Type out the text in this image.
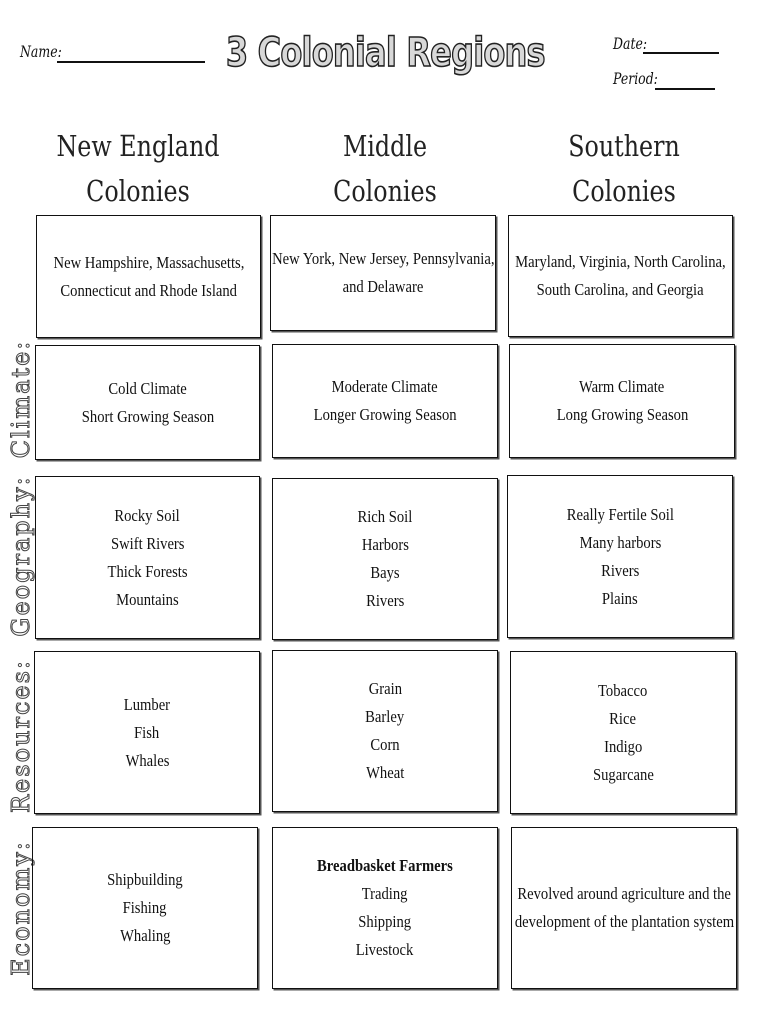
Name:	3 Colonial Regions	Date:
Period:
New England
Colonies
Middle
Colonies
Southern
Colonies
Climate:
Geography:
Resources:
Economy:
New Hampshire, Massachusetts,
Connecticut and Rhode Island
New York, New Jersey, Pennsylvania,
and Delaware
Maryland, Virginia, North Carolina,
South Carolina, and Georgia
Cold Climate
Short Growing Season
Moderate Climate
Longer Growing Season
Warm Climate
Long Growing Season
Rocky Soil
Swift Rivers
Thick Forests
Mountains
Rich Soil
Harbors
Bays
Rivers
Really Fertile Soil
Many harbors
Rivers
Plains
Lumber
Fish
Whales
Grain
Barley
Corn
Wheat
Tobacco
Rice
Indigo
Sugarcane
Shipbuilding
Fishing
Whaling
Breadbasket Farmers
Trading
Shipping
Livestock
Revolved around agriculture and the
development of the plantation system
